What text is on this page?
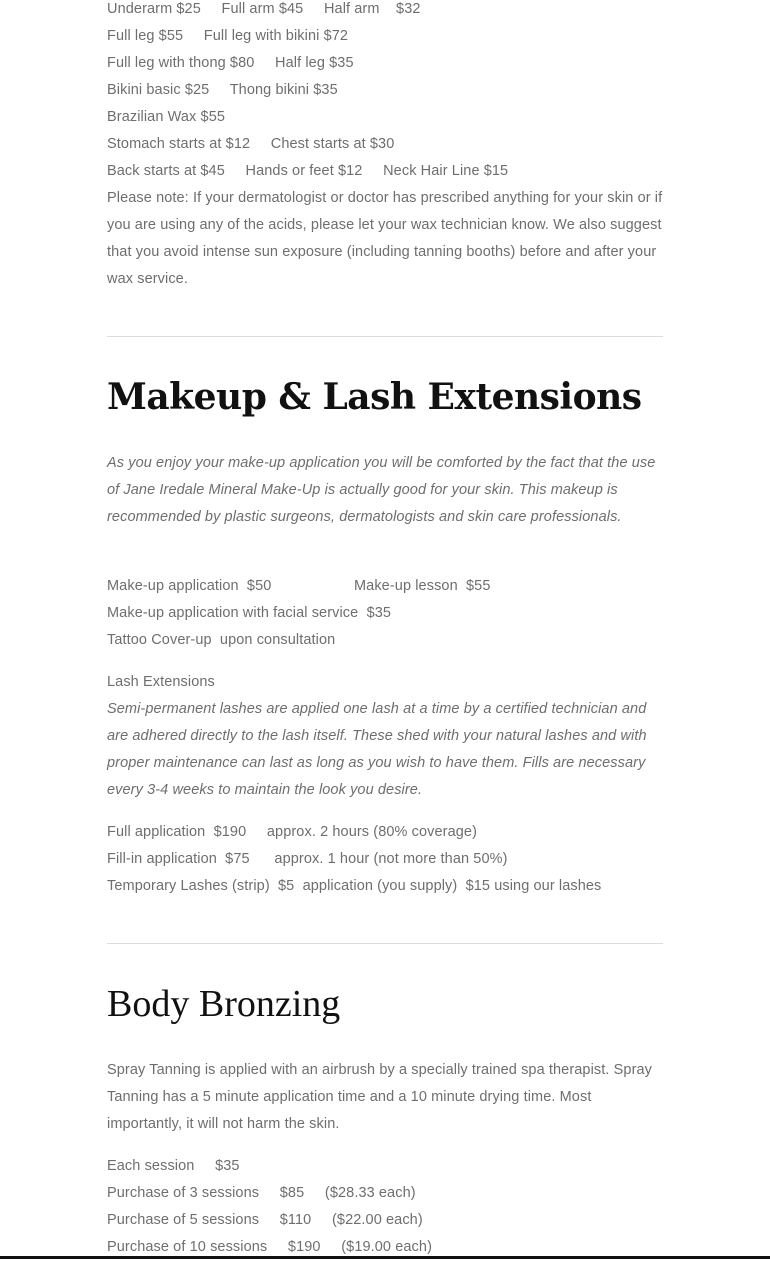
Underarm $25     Full arm $45     Half arm    $32
Full leg $55     Full leg with bikini $72
Full leg with thong $80     Half leg $35
Bikini basic $25     Thong bikini $35
Brazilian Wax $55
Stomach starts at $12     Chest starts at $30
Back starts at $45     Hands or feet $12     Neck Hair Line $15
Please note: If your dermatologist or doctor has prescribed anything for your skin or if you are using any of the acids, please let your wax technician know. We also suggest that you avoid intense sun exposure (including tanning booths) before and after your wax service.
Makeup & Lash Extensions
As you enjoy your make-up application you will be comforted by the fact that the use of Jane Iredale Mineral Make-Up is actually good for your skin. This makeup is recommended by plastic surgeons, dermatologists and skin care professionals.
Make-up application  $50                    Make-up lesson  $55
Make-up application with facial service  $35
Tattoo Cover-up  upon consultation
Lash Extensions
Semi-permanent lashes are applied one lash at a time by a certified technician and are adhered directly to the lash itself. These shed with your natural lashes and with proper maintenance can last as long as you wish to have them. Fills are necessary every 3-4 weeks to maintain the look you desire.
Full application  $190     approx. 2 hours (80% coverage)
Fill-in application  $75      approx. 1 hour (not more than 50%)
Temporary Lashes (strip)  $5  application (you supply)  $15 using our lashes
Body Bronzing
Spray Tanning is applied with an airbrush by a specially trained spa therapist. Spray Tanning has a 5 minute application time and a 10 minute drying time. Most importantly, it will not harm the skin.
Each session     $35
Purchase of 3 sessions     $85     ($28.33 each)
Purchase of 5 sessions     $110     ($22.00 each)
Purchase of 10 sessions     $190     ($19.00 each)
